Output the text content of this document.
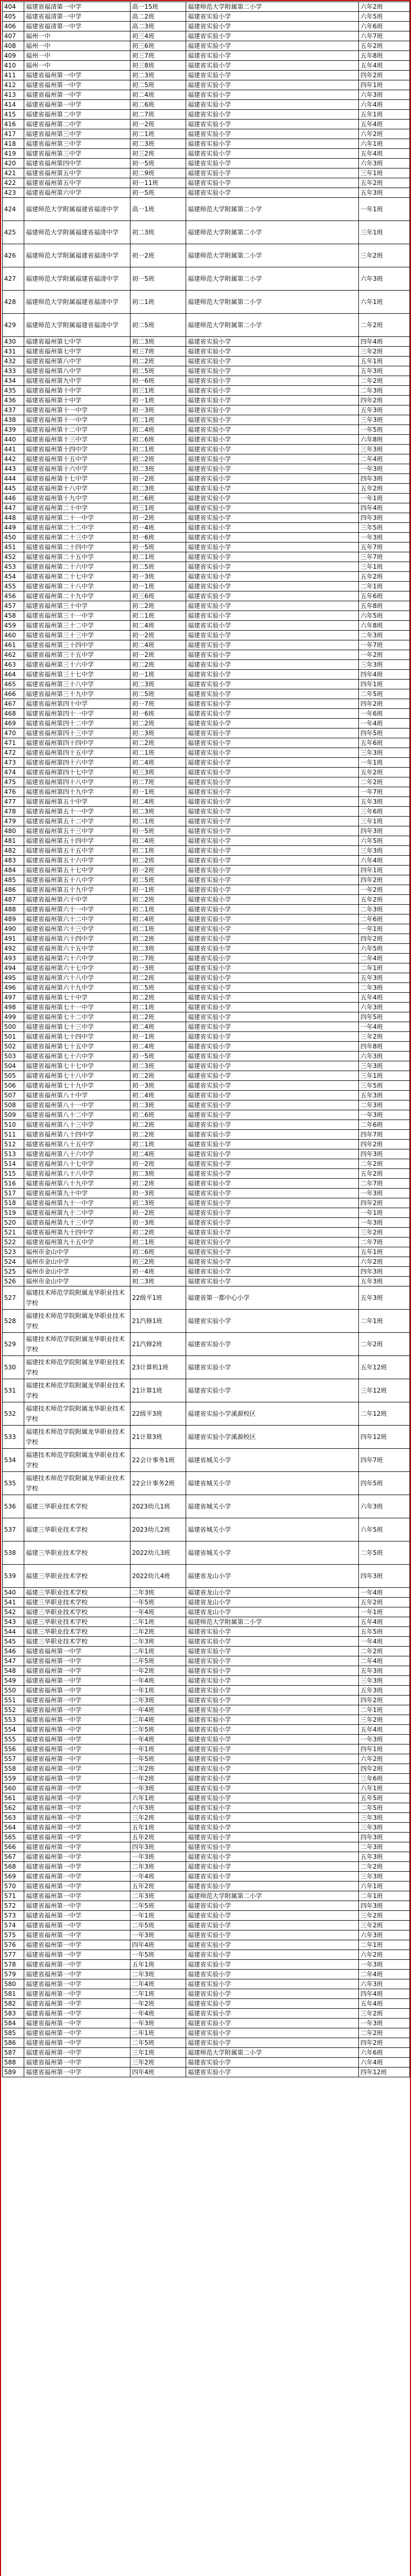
404	福建省福清第一中学	高一15班	福建师范大学附属第二小学	六年2班
405	福建省福清第一中学	高二2班	福建省实验小学	六年5班
406	福建省福清第一中学	高二3班	福建省实验小学	六年6班
407	福州一中	初三4班	福建省实验小学	六年7班
408	福州一中	初三6班	福建省实验小学	五年2班
409	福州一中	初三7班	福建省实验小学	五年8班
410	福州一中	初三8班	福建省实验小学	五年4班
411	福建省福州第一中学	初二3班	福建省实验小学	四年2班
412	福建省福州第一中学	初二5班	福建省实验小学	四年1班
413	福建省福州第一中学	初二4班	福建省实验小学	六年3班
414	福建省福州第一中学	初二6班	福建省实验小学	六年4班
415	福建省福州第二中学	初二7班	福建省实验小学	五年1班
416	福建省福州第二中学	初一2班	福建省实验小学	五年4班
417	福建省福州第三中学	初二1班	福建省实验小学	六年2班
418	福建省福州第三中学	初二3班	福建省实验小学	六年1班
419	福建省福州第三中学	初三2班	福建省实验小学	五年4班
420	福建省福州第四中学	初一5班	福建省实验小学	六年3班
421	福建省福州第五中学	初二9班	福建省实验小学	三年1班
422	福建省福州第五中学	初一11班	福建省实验小学	五年2班
423	福建省福州第六中学	初一5班	福建省实验小学	五年3班
424	福建师范大学附属福建省福清中学	高一1班	福建师范大学附属第二小学	一年1班
425	福建师范大学附属福建省福清中学	初二3班	福建师范大学附属第二小学	三年1班
426	福建师范大学附属福建省福清中学	初一2班	福建师范大学附属第二小学	三年2班
427	福建师范大学附属福建省福清中学	初一5班	福建师范大学附属第二小学	六年3班
428	福建师范大学附属福建省福清中学	初二1班	福建师范大学附属第二小学	六年1班
429	福建师范大学附属福建省福清中学	初二5班	福建师范大学附属第二小学	二年2班
430	福建省福州第七中学	初二3班	福建省实验小学	四年4班
431	福建省福州第七中学	初三7班	福建省实验小学	三年2班
432	福建省福州第八中学	初二2班	福建省实验小学	五年1班
433	福建省福州第八中学	初二5班	福建省实验小学	五年3班
434	福建省福州第九中学	初一6班	福建省实验小学	二年2班
435	福建省福州第十中学	初三1班	福建省实验小学	二年3班
436	福建省福州第十中学	初一1班	福建省实验小学	四年2班
437	福建省福州第十一中学	初一3班	福建省实验小学	五年3班
438	福建省福州第十一中学	初二1班	福建省实验小学	三年3班
439	福建省福州第十二中学	初二4班	福建省实验小学	一年5班
440	福建省福州第十三中学	初二6班	福建省实验小学	六年8班
441	福建省福州第十四中学	初二1班	福建省实验小学	三年3班
442	福建省福州第十五中学	初二2班	福建省实验小学	二年4班
443	福建省福州第十六中学	初二3班	福建省实验小学	一年3班
444	福建省福州第十七中学	初一2班	福建省实验小学	四年3班
445	福建省福州第十八中学	初二3班	福建省实验小学	五年2班
446	福建省福州第十九中学	初二6班	福建省实验小学	一年1班
447	福建省福州第二十中学	初三1班	福建省实验小学	四年4班
448	福建省福州第二十一中学	初一2班	福建省实验小学	四年3班
449	福建省福州第二十二中学	初一4班	福建省实验小学	三年5班
450	福建省福州第二十三中学	初一6班	福建省实验小学	一年3班
451	福建省福州第二十四中学	初一5班	福建省实验小学	五年7班
452	福建省福州第二十五中学	初二1班	福建省实验小学	三年7班
453	福建省福州第二十六中学	初二5班	福建省实验小学	三年1班
454	福建省福州第二十七中学	初一3班	福建省实验小学	五年2班
455	福建省福州第二十八中学	初一1班	福建省实验小学	二年1班
456	福建省福州第二十九中学	初三6班	福建省实验小学	五年6班
457	福建省福州第三十中学	初二2班	福建省实验小学	五年8班
458	福建省福州第三十一中学	初二1班	福建省实验小学	六年5班
459	福建省福州第三十二中学	初二4班	福建省实验小学	六年8班
460	福建省福州第三十三中学	初一2班	福建省实验小学	二年3班
461	福建省福州第三十四中学	初二4班	福建省实验小学	一年7班
462	福建省福州第三十五中学	初一2班	福建省实验小学	一年2班
463	福建省福州第三十六中学	初二2班	福建省实验小学	三年3班
464	福建省福州第三十七中学	初一1班	福建省实验小学	四年4班
465	福建省福州第三十八中学	初二3班	福建省实验小学	四年1班
466	福建省福州第三十九中学	初二5班	福建省实验小学	二年5班
467	福建省福州第四十中学	初一7班	福建省实验小学	四年2班
468	福建省福州第四十一中学	初一6班	福建省实验小学	一年6班
469	福建省福州第四十二中学	初二2班	福建省实验小学	一年4班
470	福建省福州第四十三中学	初二3班	福建省实验小学	四年5班
471	福建省福州第四十四中学	初二2班	福建省实验小学	五年6班
472	福建省福州第四十五中学	初二1班	福建省实验小学	三年3班
473	福建省福州第四十六中学	初二4班	福建省实验小学	一年1班
474	福建省福州第四十七中学	初三3班	福建省实验小学	五年2班
475	福建省福州第四十八中学	初二7班	福建省实验小学	二年2班
476	福建省福州第四十九中学	初一1班	福建省实验小学	一年7班
477	福建省福州第五十中学	初二4班	福建省实验小学	五年3班
478	福建省福州第五十一中学	初二3班	福建省实验小学	三年6班
479	福建省福州第五十二中学	初二1班	福建省实验小学	三年1班
480	福建省福州第五十三中学	初一5班	福建省实验小学	四年3班
481	福建省福州第五十四中学	初二4班	福建省实验小学	六年5班
482	福建省福州第五十五中学	初二1班	福建省实验小学	三年3班
483	福建省福州第五十六中学	初二2班	福建省实验小学	六年4班
484	福建省福州第五十七中学	初一2班	福建省实验小学	四年1班
485	福建省福州第五十八中学	初二5班	福建省实验小学	四年2班
486	福建省福州第五十九中学	初一1班	福建省实验小学	一年2班
487	福建省福州第六十中学	初二2班	福建省实验小学	五年2班
488	福建省福州第六十一中学	初二1班	福建省实验小学	二年3班
489	福建省福州第六十二中学	初二4班	福建省实验小学	二年6班
490	福建省福州第六十三中学	初二1班	福建省实验小学	一年1班
491	福建省福州第六十四中学	初二2班	福建省实验小学	四年2班
492	福建省福州第六十五中学	初二3班	福建省实验小学	六年5班
493	福建省福州第六十六中学	初二7班	福建省实验小学	二年4班
494	福建省福州第六十七中学	初一3班	福建省实验小学	二年1班
495	福建省福州第六十八中学	初二2班	福建省实验小学	五年3班
496	福建省福州第六十九中学	初二5班	福建省实验小学	二年3班
497	福建省福州第七十中学	初二2班	福建省实验小学	五年4班
498	福建省福州第七十一中学	初二1班	福建省实验小学	六年3班
499	福建省福州第七十二中学	初二2班	福建省实验小学	四年5班
500	福建省福州第七十三中学	初二4班	福建省实验小学	一年4班
501	福建省福州第七十四中学	初一1班	福建省实验小学	三年2班
502	福建省福州第七十五中学	初二4班	福建省实验小学	四年8班
503	福建省福州第七十六中学	初一5班	福建省实验小学	六年3班
504	福建省福州第七十七中学	初二3班	福建省实验小学	三年3班
505	福建省福州第七十八中学	初二2班	福建省实验小学	三年1班
506	福建省福州第七十九中学	初一3班	福建省实验小学	三年5班
507	福建省福州第八十中学	初二4班	福建省实验小学	五年3班
508	福建省福州第八十一中学	初二3班	福建省实验小学	二年3班
509	福建省福州第八十二中学	初二6班	福建省实验小学	一年3班
510	福建省福州第八十三中学	初二2班	福建省实验小学	二年6班
511	福建省福州第八十四中学	初二2班	福建省实验小学	四年7班
512	福建省福州第八十五中学	初二1班	福建省实验小学	四年2班
513	福建省福州第八十六中学	初二4班	福建省实验小学	四年3班
514	福建省福州第八十七中学	初一2班	福建省实验小学	二年2班
515	福建省福州第八十八中学	初二3班	福建省实验小学	五年2班
516	福建省福州第八十九中学	初二2班	福建省实验小学	二年7班
517	福建省福州第九十中学	初一3班	福建省实验小学	一年3班
518	福建省福州第九十一中学	初二3班	福建省实验小学	四年2班
519	福建省福州第九十二中学	初一2班	福建省实验小学	一年1班
520	福建省福州第九十三中学	初一3班	福建省实验小学	一年3班
521	福建省福州第九十四中学	初二2班	福建省实验小学	三年2班
522	福建省福州第九十五中学	初二1班	福建省实验小学	二年7班
523	福州市金山中学	初二6班	福建省实验小学	五年1班
524	福州市金山中学	初三2班	福建省实验小学	六年2班
525	福州市金山中学	初一4班	福建省实验小学	四年3班
526	福州市金山中学	初二3班	福建省实验小学	五年3班
527	福建技术师范学院附属龙华职业技术学校	22级平1班	福建省第一都中心小学	五年3班
528	福建技术师范学院附属龙华职业技术学校	21汽修1班	福建省实验小学	二年1班
529	福建技术师范学院附属龙华职业技术学校	21汽修2班	福建省实验小学	二年2班
530	福建技术师范学院附属龙华职业技术学校	23计算机1班	福建省实验小学	五年12班
531	福建技术师范学院附属龙华职业技术学校	21计算1班	福建省实验小学	三年12班
532	福建技术师范学院附属龙华职业技术学校	22级平3班	福建省实验小学溪源校区	二年12班
533	福建技术师范学院附属龙华职业技术学校	21计算3班	福建省实验小学溪源校区	四年12班
534	福建技术师范学院附属龙华职业技术学校	22会计事务1班	福建省城关小学	四年7班
535	福建技术师范学院附属龙华职业技术学校	22会计事务2班	福建省城关小学	四年5班
536	福建三华职业技术学校	2023幼儿1班	福建省城关小学	六年3班
537	福建三华职业技术学校	2023幼儿2班	福建省城关小学	六年5班
538	福建三华职业技术学校	2022幼儿3班	福建省城关小学	二年5班
539	福建三华职业技术学校	2022幼儿4班	福建省龙山小学	四年3班
540	福建三华职业技术学校	二年3班	福建省龙山小学	一年4班
541	福建三华职业技术学校	一年5班	福建省龙山小学	五年2班
542	福建三华职业技术学校	一年4班	福建省龙山小学	一年1班
543	福建三华职业技术学校	二年1班	福建师范大学附属第二小学	五年4班
544	福建三华职业技术学校	二年2班	福建省实验小学	五年5班
545	福建三华职业技术学校	二年3班	福建省实验小学	一年4班
546	福建省福州第一中学	二年1班	福建省实验小学	二年2班
547	福建省福州第一中学	二年5班	福建省实验小学	二年4班
548	福建省福州第一中学	一年2班	福建省实验小学	五年3班
549	福建省福州第一中学	一年4班	福建省实验小学	三年3班
550	福建省福州第一中学	一年1班	福建省实验小学	五年3班
551	福建省福州第一中学	二年3班	福建省实验小学	四年2班
552	福建省福州第一中学	一年4班	福建省实验小学	二年1班
553	福建省福州第一中学	二年4班	福建省实验小学	三年2班
554	福建省福州第一中学	二年5班	福建省实验小学	五年4班
555	福建省福州第一中学	一年4班	福建省实验小学	一年3班
556	福建省福州第一中学	一年1班	福建省实验小学	四年1班
557	福建省福州第一中学	一年5班	福建省实验小学	六年2班
558	福建省福州第一中学	二年2班	福建省实验小学	四年2班
559	福建省福州第一中学	一年2班	福建省实验小学	三年6班
560	福建省福州第一中学	一年3班	福建省实验小学	六年1班
561	福建省福州第一中学	六年1班	福建省实验小学	五年5班
562	福建省福州第一中学	六年3班	福建省实验小学	二年5班
563	福建省福州第一中学	三年2班	福建省实验小学	三年3班
564	福建省福州第一中学	五年1班	福建省实验小学	三年3班
565	福建省福州第一中学	五年2班	福建省实验小学	四年3班
566	福建省福州第一中学	四年3班	福建省实验小学	二年3班
567	福建省福州第一中学	一年3班	福建省实验小学	五年3班
568	福建省福州第一中学	二年3班	福建省实验小学	二年2班
569	福建省福州第一中学	一年4班	福建省实验小学	三年3班
570	福建省福州第一中学	五年2班	福建省实验小学	六年1班
571	福建省福州第一中学	二年3班	福建师范大学附属第二小学	二年1班
572	福建省福州第一中学	二年5班	福建省实验小学	四年3班
573	福建省福州第一中学	一年1班	福建省实验小学	三年2班
574	福建省福州第一中学	二年5班	福建省实验小学	三年2班
575	福建省福州第一中学	一年3班	福建省实验小学	六年3班
576	福建省福州第一中学	四年4班	福建省实验小学	二年1班
577	福建省福州第一中学	一年5班	福建省实验小学	六年2班
578	福建省福州第一中学	五年1班	福建省实验小学	一年3班
579	福建省福州第一中学	二年3班	福建省实验小学	二年4班
580	福建省福州第一中学	二年4班	福建省实验小学	六年3班
581	福建省福州第一中学	二年1班	福建省实验小学	四年4班
582	福建省福州第一中学	一年2班	福建省实验小学	五年4班
583	福建省福州第一中学	一年4班	福建省实验小学	三年2班
584	福建省福州第一中学	一年3班	福建省实验小学	一年3班
585	福建省福州第一中学	二年1班	福建省实验小学	二年2班
586	福建省福州第一中学	二年5班	福建省实验小学	四年2班
587	福建省福州第一中学	三年1班	福建师范大学附属第二小学	六年6班
588	福建省福州第一中学	三年2班	福建省实验小学	六年4班
589	福建省福州第一中学	四年4班	福建省实验小学	四年12班
